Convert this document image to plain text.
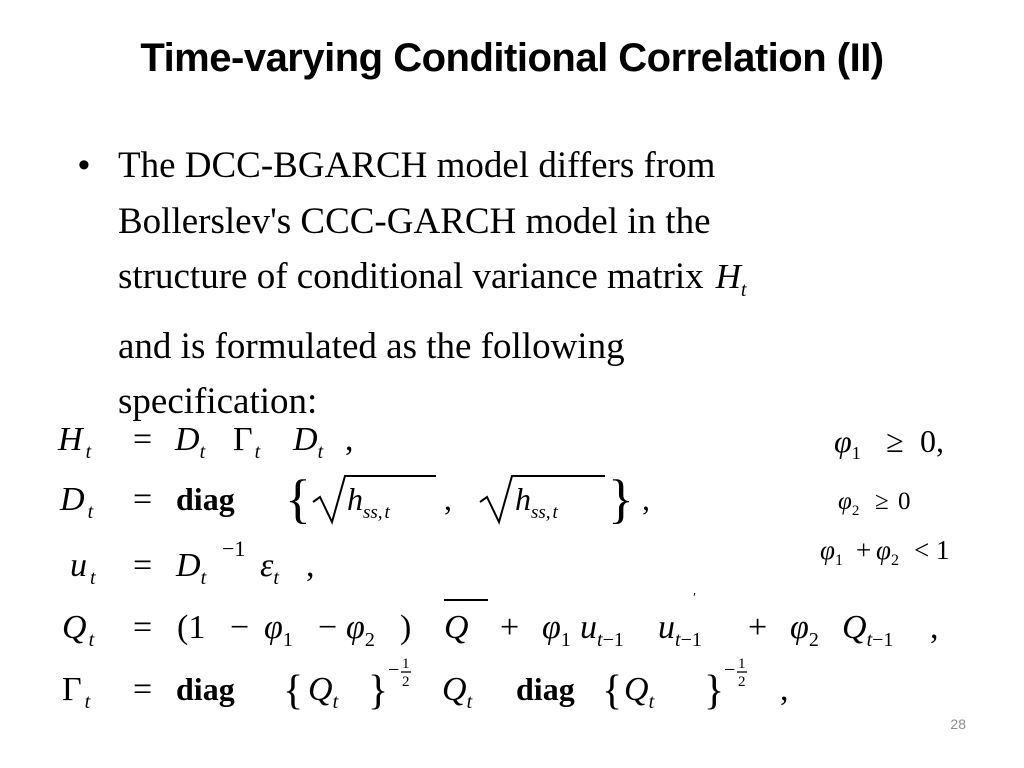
Time-varying Conditional Correlation (II)
• The DCC-BGARCH model differs from
Bollerslev's CCC-GARCH model in the
structure of conditional variance matrix $H_t$
and is formulated as the following
specification:
H $_t = D_t$ Γ $_t$ $D_t$ ,
D $_t$ = diag { $h_{ss}$, t , $h_{ss}$, t } ,
u $_t = D_t$
−1 $\varepsilon_t$ ,
Q $_t = (1 - \varphi_1 - \varphi_2$ ) $Q + \varphi_1$ $u_t-1$ $u_t-1$
′
+ $\varphi_2$ $Q_t-1$ ,
Γ $_t$ = diag { $Q_t$ } − 1
2 $Q_t$ diag { $Q_t$ } − 1
2 ,
$\varphi_1 \ge 0$,
$\varphi_2 \ge 0$
$\varphi_1 + \varphi_2 < 1$
28
